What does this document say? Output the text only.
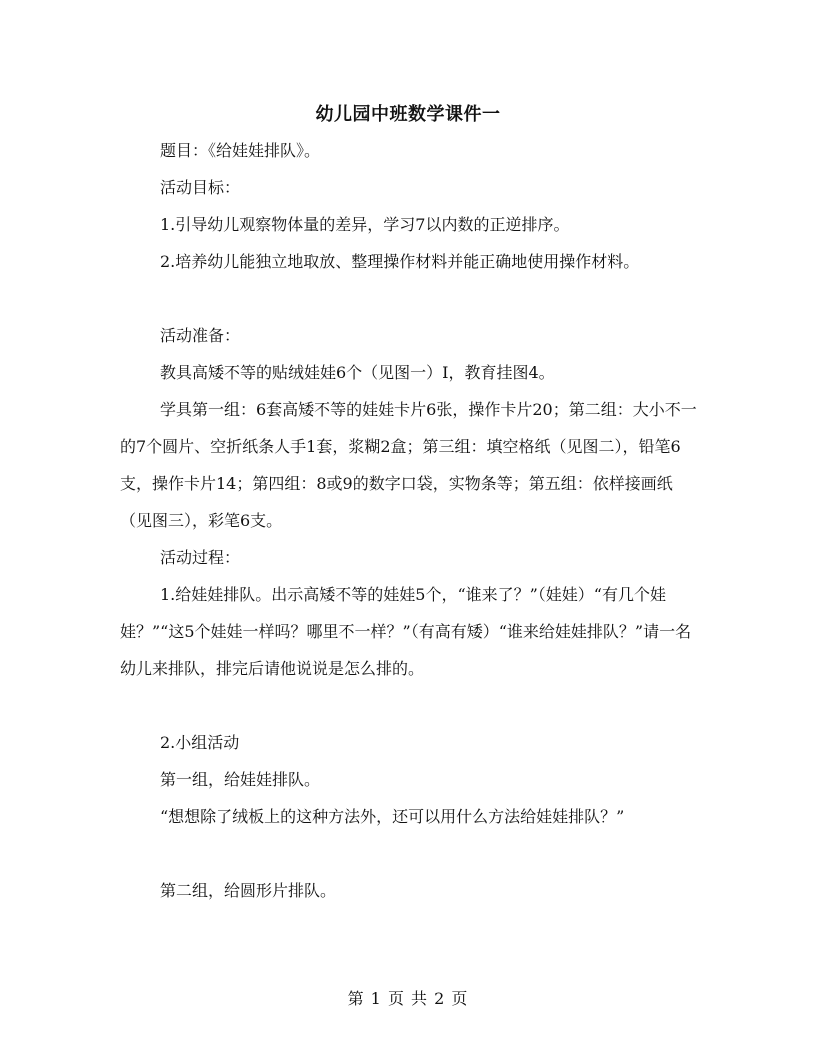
幼儿园中班数学课件一

题目：《给娃娃排队》。

活动目标：

1.引导幼儿观察物体量的差异，学习7以内数的正逆排序。

2.培养幼儿能独立地取放、整理操作材料并能正确地使用操作材料。

活动准备：

教具高矮不等的贴绒娃娃6个（见图一）I，教育挂图4。

学具第一组：6套高矮不等的娃娃卡片6张，操作卡片20；第二组：大小不一的7个圆片、空折纸条人手1套，浆糊2盒；第三组：填空格纸（见图二），铅笔6支，操作卡片14；第四组：8或9的数字口袋，实物条等；第五组：依样接画纸（见图三），彩笔6支。

活动过程：

1.给娃娃排队。出示高矮不等的娃娃5个，“谁来了？”（娃娃）“有几个娃娃？”“这5个娃娃一样吗？哪里不一样？”（有高有矮）“谁来给娃娃排队？”请一名幼儿来排队，排完后请他说说是怎么排的。

2.小组活动

第一组，给娃娃排队。

“想想除了绒板上的这种方法外，还可以用什么方法给娃娃排队？”

第二组，给圆形片排队。

第 1 页 共 2 页
